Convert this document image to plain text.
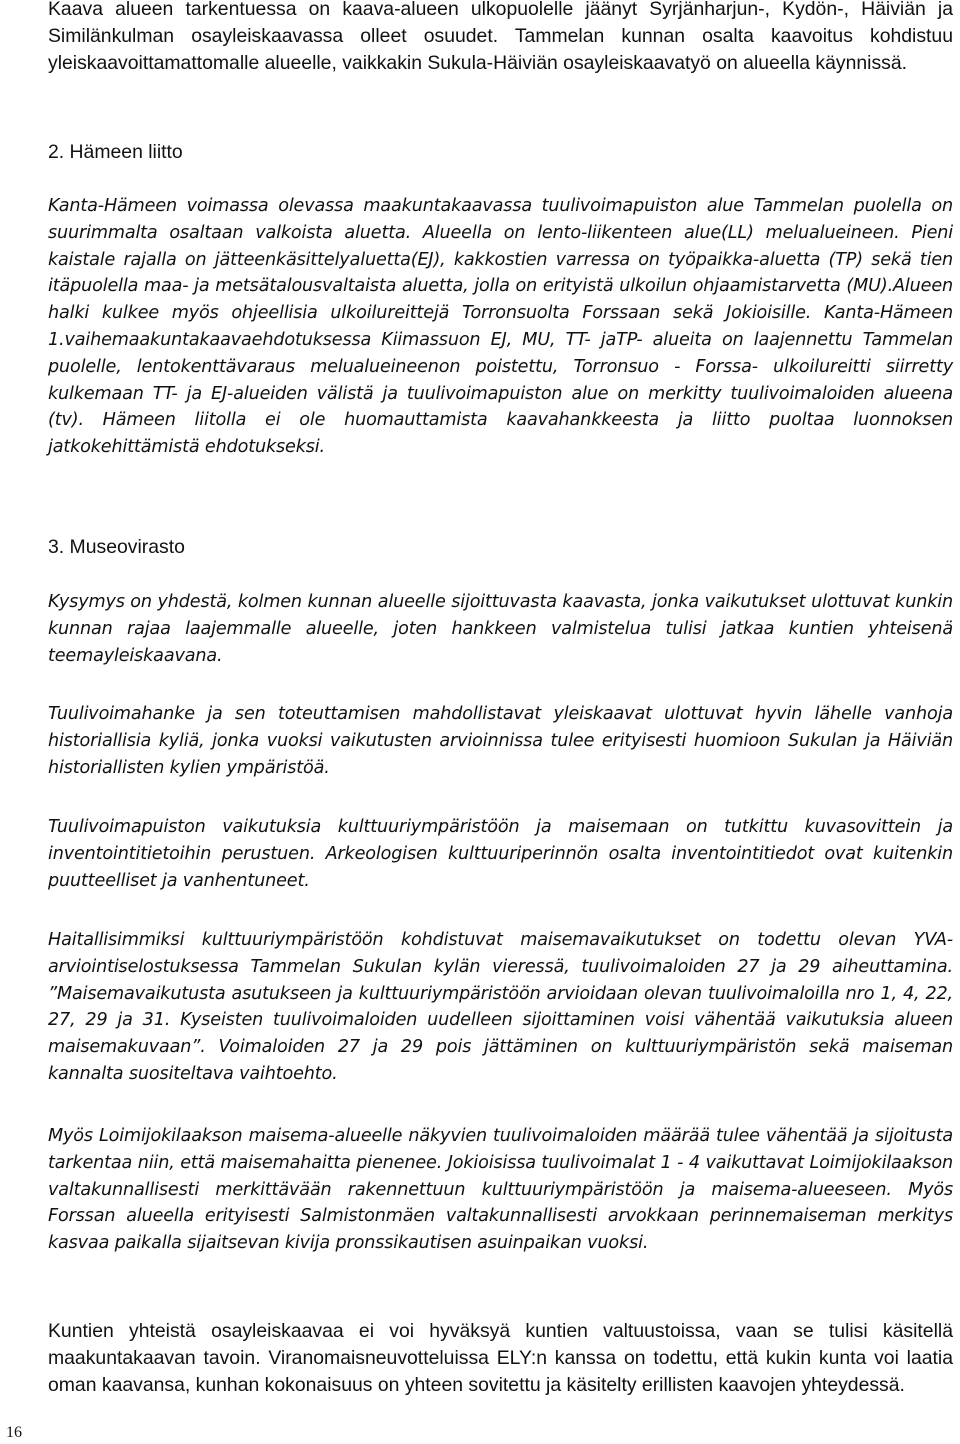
Kaava alueen tarkentuessa on kaava-alueen ulkopuolelle jäänyt Syrjänharjun-, Kydön-, Häiviän ja Similänkulman osayleiskaavassa olleet osuudet. Tammelan kunnan osalta kaavoitus kohdistuu yleiskaavoittamattomalle alueelle, vaikkakin Sukula-Häiviän osayleiskaavatyö on alueella käynnissä.

2. Hämeen liitto

Kanta-Hämeen voimassa olevassa maakuntakaavassa tuulivoimapuiston alue Tammelan puolella on suurimmalta osaltaan valkoista aluetta. Alueella on lento-liikenteen alue(LL) melualueineen. Pieni kaistale rajalla on jätteenkäsittelyaluetta(EJ), kakkostien varressa on työpaikka-aluetta (TP) sekä tien itäpuolella maa- ja metsätalousvaltaista aluetta, jolla on erityistä ulkoilun ohjaamistarvetta (MU).Alueen halki kulkee myös ohjeellisia ulkoilureittejä Torronsuolta Forssaan sekä Jokioisille. Kanta-Hämeen 1.vaihemaakuntakaavaehdotuksessa Kiimassuon EJ, MU, TT- jaTP- alueita on laajennettu Tammelan puolelle, lentokenttävaraus melualueineenon poistettu, Torronsuo - Forssa- ulkoilureitti siirretty kulkemaan TT- ja EJ-alueiden välistä ja tuulivoimapuiston alue on merkitty tuulivoimaloiden alueena (tv). Hämeen liitolla ei ole huomauttamista kaavahankkeesta ja liitto puoltaa luonnoksen jatkokehittämistä ehdotukseksi.

3. Museovirasto

Kysymys on yhdestä, kolmen kunnan alueelle sijoittuvasta kaavasta, jonka vaikutukset ulottuvat kunkin kunnan rajaa laajemmalle alueelle, joten hankkeen valmistelua tulisi jatkaa kuntien yhteisenä teemayleiskaavana.

Tuulivoimahanke ja sen toteuttamisen mahdollistavat yleiskaavat ulottuvat hyvin lähelle vanhoja historiallisia kyliä, jonka vuoksi vaikutusten arvioinnissa tulee erityisesti huomioon Sukulan ja Häiviän historiallisten kylien ympäristöä.

Tuulivoimapuiston vaikutuksia kulttuuriympäristöön ja maisemaan on tutkittu kuvasovittein ja inventointitietoihin perustuen. Arkeologisen kulttuuriperinnön osalta inventointitiedot ovat kuitenkin puutteelliset ja vanhentuneet.

Haitallisimmiksi kulttuuriympäristöön kohdistuvat maisemavaikutukset on todettu olevan YVA-arviointiselostuksessa Tammelan Sukulan kylän vieressä, tuulivoimaloiden 27 ja 29 aiheuttamina. ”Maisemavaikutusta asutukseen ja kulttuuriympäristöön arvioidaan olevan tuulivoimaloilla nro 1, 4, 22, 27, 29 ja 31. Kyseisten tuulivoimaloiden uudelleen sijoittaminen voisi vähentää vaikutuksia alueen maisemakuvaan”. Voimaloiden 27 ja 29 pois jättäminen on kulttuuriympäristön sekä maiseman kannalta suositeltava vaihtoehto.

Myös Loimijokilaakson maisema-alueelle näkyvien tuulivoimaloiden määrää tulee vähentää ja sijoitusta tarkentaa niin, että maisemahaitta pienenee. Jokioisissa tuulivoimalat 1 - 4 vaikuttavat Loimijokilaakson valtakunnallisesti merkittävään rakennettuun kulttuuriympäristöön ja maisema-alueeseen. Myös Forssan alueella erityisesti Salmistonmäen valtakunnallisesti arvokkaan perinnemaiseman merkitys kasvaa paikalla sijaitsevan kivija pronssikautisen asuinpaikan vuoksi.

Kuntien yhteistä osayleiskaavaa ei voi hyväksyä kuntien valtuustoissa, vaan se tulisi käsitellä maakuntakaavan tavoin. Viranomaisneuvotteluissa ELY:n kanssa on todettu, että kukin kunta voi laatia oman kaavansa, kunhan kokonaisuus on yhteen sovitettu ja käsitelty erillisten kaavojen yhteydessä.

16
